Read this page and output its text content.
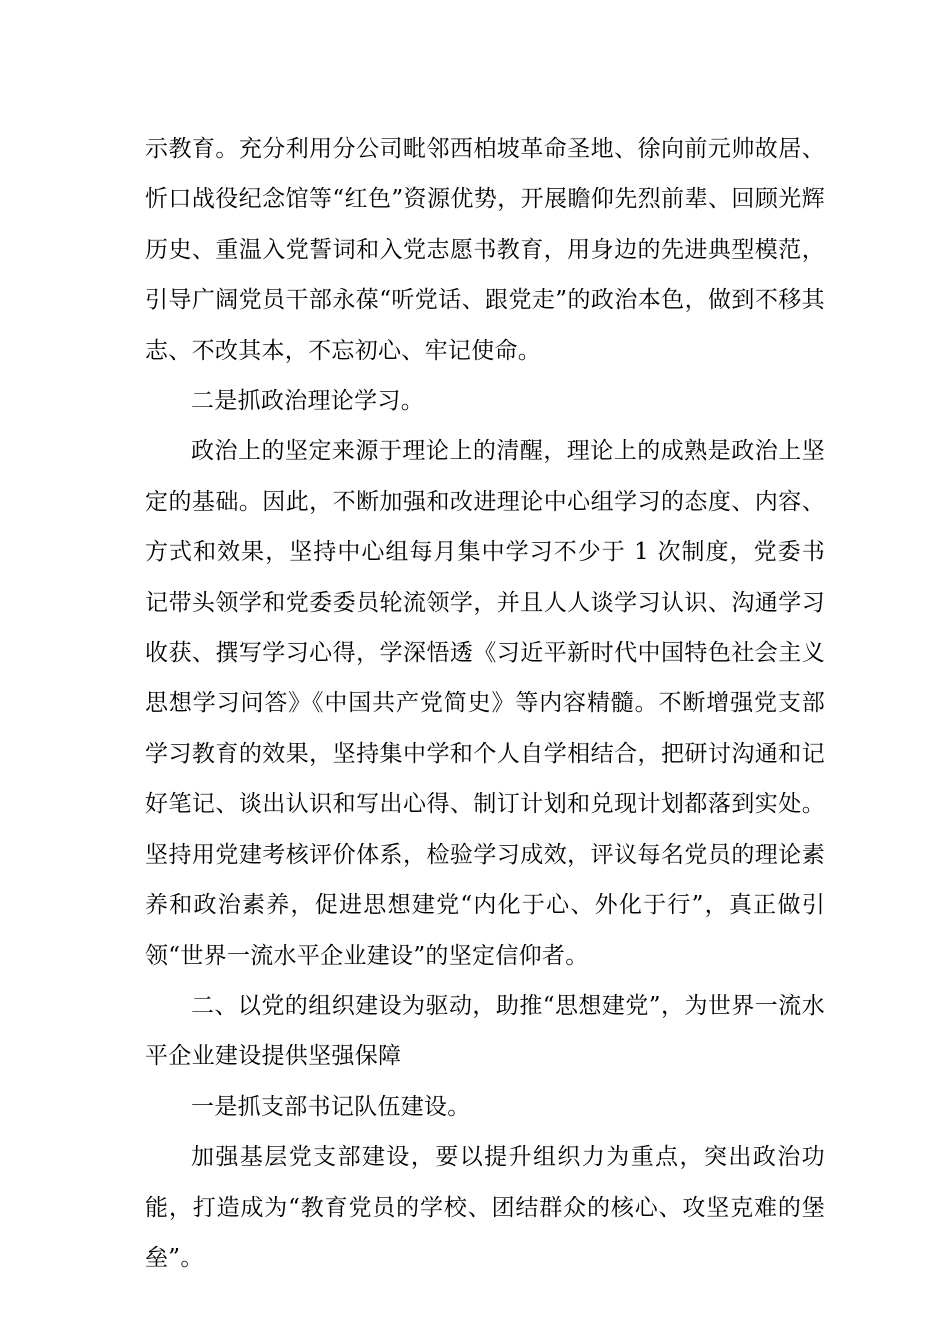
示教育。充分利用分公司毗邻西柏坡革命圣地、徐向前元帅故居、忻口战役纪念馆等“红色”资源优势，开展瞻仰先烈前辈、回顾光辉历史、重温入党誓词和入党志愿书教育，用身边的先进典型模范，引导广阔党员干部永葆“听党话、跟党走”的政治本色，做到不移其志、不改其本，不忘初心、牢记使命。

二是抓政治理论学习。

政治上的坚定来源于理论上的清醒，理论上的成熟是政治上坚定的基础。因此，不断加强和改进理论中心组学习的态度、内容、方式和效果，坚持中心组每月集中学习不少于 1 次制度，党委书记带头领学和党委委员轮流领学，并且人人谈学习认识、沟通学习收获、撰写学习心得，学深悟透《习近平新时代中国特色社会主义思想学习问答》《中国共产党简史》等内容精髓。不断增强党支部学习教育的效果，坚持集中学和个人自学相结合，把研讨沟通和记好笔记、谈出认识和写出心得、制订计划和兑现计划都落到实处。坚持用党建考核评价体系，检验学习成效，评议每名党员的理论素养和政治素养，促进思想建党“内化于心、外化于行”，真正做引领“世界一流水平企业建设”的坚定信仰者。

二、以党的组织建设为驱动，助推“思想建党”，为世界一流水平企业建设提供坚强保障

一是抓支部书记队伍建设。

加强基层党支部建设，要以提升组织力为重点，突出政治功能，打造成为“教育党员的学校、团结群众的核心、攻坚克难的堡垒”。
